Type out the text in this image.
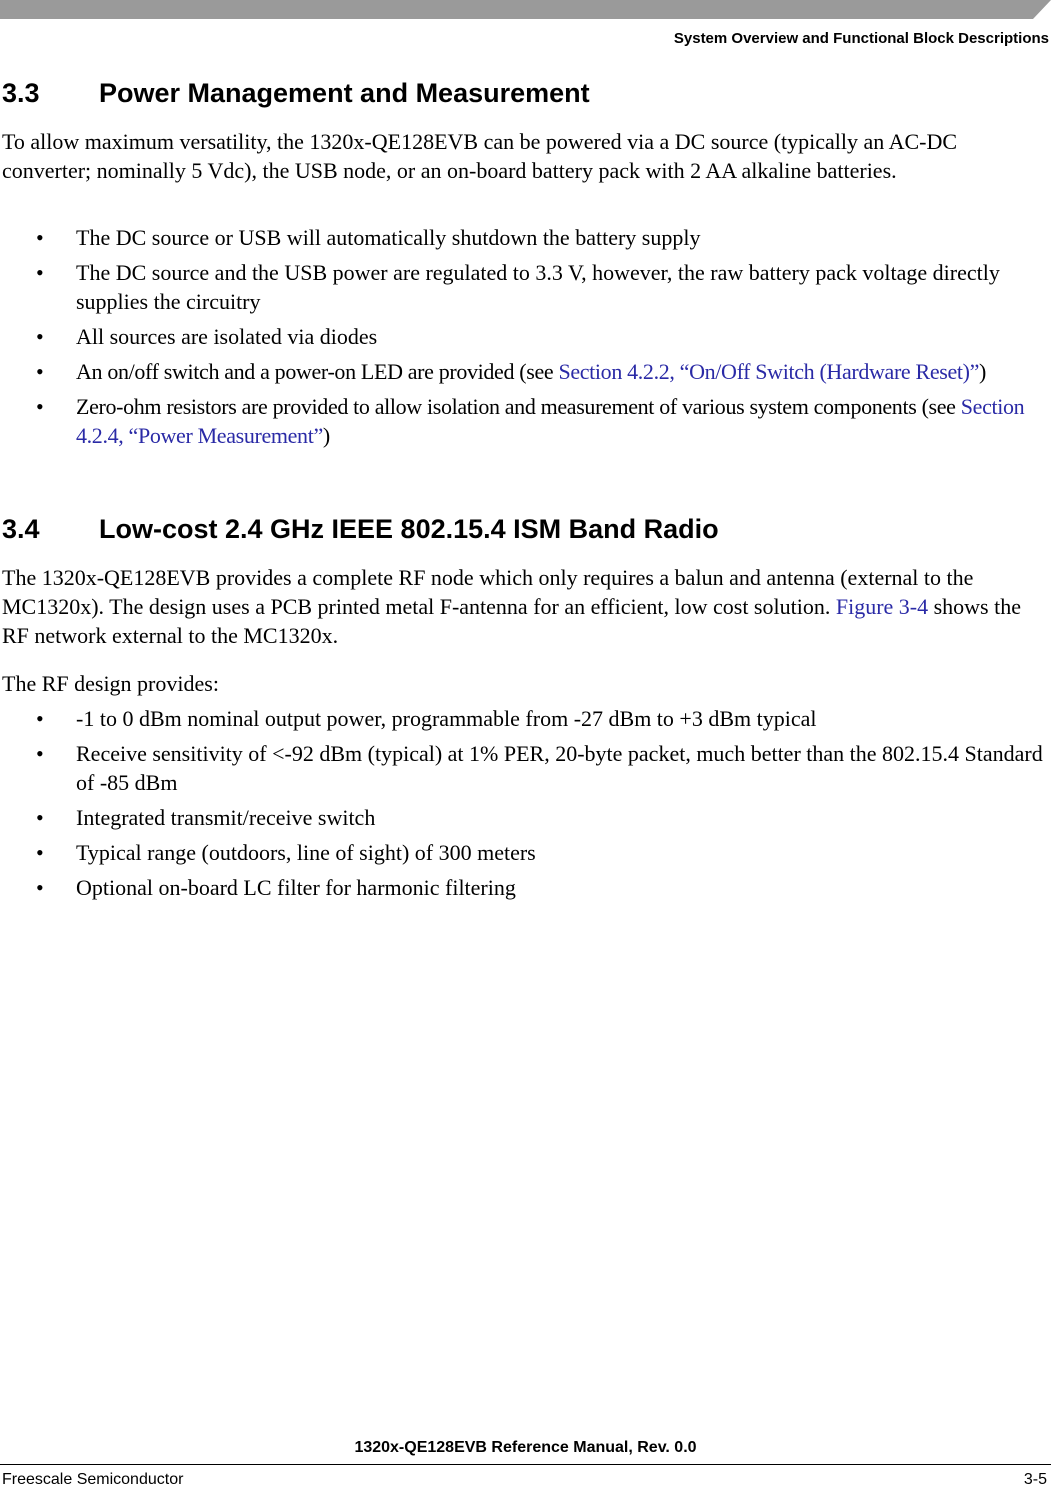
System Overview and Functional Block Descriptions
3.3 Power Management and Measurement

To allow maximum versatility, the 1320x-QE128EVB can be powered via a DC source (typically an AC-DC converter; nominally 5 Vdc), the USB node, or an on-board battery pack with 2 AA alkaline batteries.

• The DC source or USB will automatically shutdown the battery supply
• The DC source and the USB power are regulated to 3.3 V, however, the raw battery pack voltage directly supplies the circuitry
• All sources are isolated via diodes
• An on/off switch and a power-on LED are provided (see Section 4.2.2, “On/Off Switch (Hardware Reset)”)
• Zero-ohm resistors are provided to allow isolation and measurement of various system components (see Section 4.2.4, “Power Measurement”)
3.4 Low-cost 2.4 GHz IEEE 802.15.4 ISM Band Radio

The 1320x-QE128EVB provides a complete RF node which only requires a balun and antenna (external to the MC1320x). The design uses a PCB printed metal F-antenna for an efficient, low cost solution. Figure 3-4 shows the RF network external to the MC1320x.

The RF design provides:

• -1 to 0 dBm nominal output power, programmable from -27 dBm to +3 dBm typical
• Receive sensitivity of <-92 dBm (typical) at 1% PER, 20-byte packet, much better than the 802.15.4 Standard of -85 dBm
• Integrated transmit/receive switch
• Typical range (outdoors, line of sight) of 300 meters
• Optional on-board LC filter for harmonic filtering
1320x-QE128EVB Reference Manual, Rev. 0.0
Freescale Semiconductor	3-5
